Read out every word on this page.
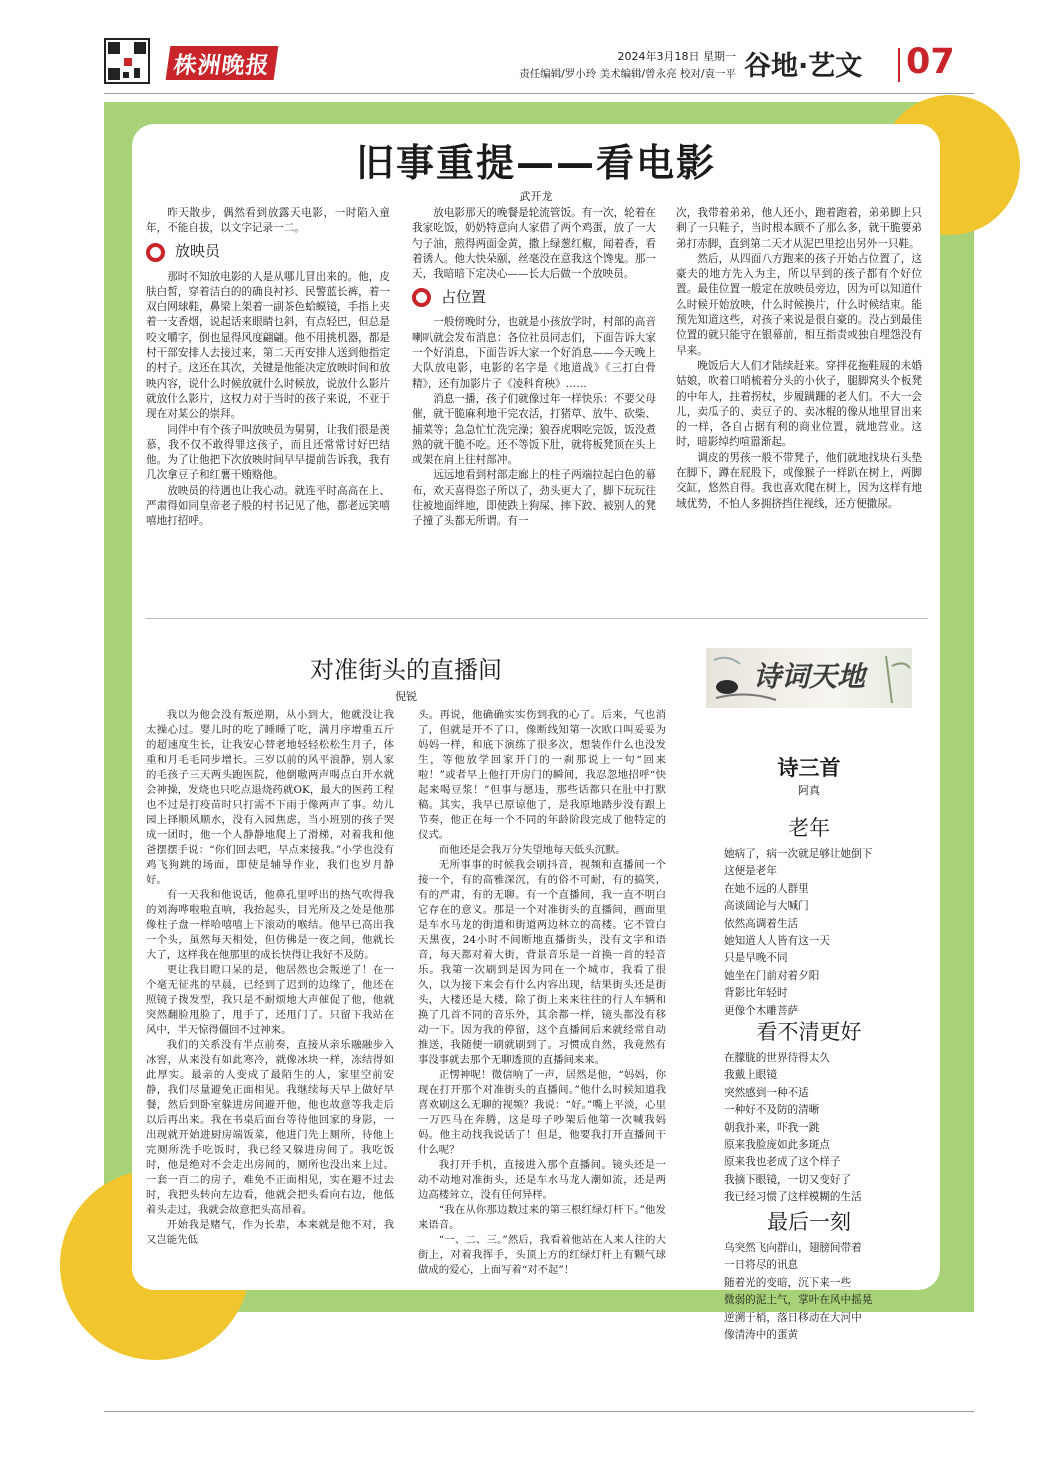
株洲晚报	2024年3月18日 星期一
责任编辑/罗小玲 美术编辑/曾永亮 校对/袁一平 谷地·艺文	07
旧事重提——看电影
武开龙

昨天散步，偶然看到放露天电影，一时陷入童年，不能自拔，以文字记录一二。

放映员

那时不知放电影的人是从哪儿冒出来的。他，皮肤白皙，穿着洁白的的确良衬衫、民警蓝长裤，着一双白网球鞋，鼻梁上架着一副茶色蛤蟆镜，手指上夹着一支香烟，说起话来眼睛乜斜，有点轻巴，但总是咬文嚼字，倒也显得风度翩翩。他不用挑机器，都是村干部安排人去接过来，第二天再安排人送到他指定的村子。这还在其次，关键是他能决定放映时间和放映内容，说什么时候放就什么时候放，说放什么影片就放什么影片，这权力对于当时的孩子来说，不亚于现在对某公的崇拜。

同伴中有个孩子叫放映员为舅舅，让我们很是羡慕，我不仅不敢得罪这孩子，而且还常常讨好巴结他。为了让他把下次放映时间早早提前告诉我，我有几次拿豆子和红薯干贿赂他。

放映员的待遇也让我心动。就连平时高高在上、严肃得如同皇帝老子般的村书记见了他，都老远笑嘻嘻地打招呼。

放电影那天的晚餐是轮流管饭。有一次，轮着在我家吃饭，奶奶特意向人家借了两个鸡蛋，放了一大勺子油，煎得两面金黄，撒上绿葱红椒，闻着香，看着诱人。他大快朵颐，丝毫没在意我这个馋鬼。那一天，我暗暗下定决心——长大后做一个放映员。

占位置

一般傍晚时分，也就是小孩放学时，村部的高音喇叭就会发布消息：各位社员同志们，下面告诉大家一个好消息，下面告诉大家一个好消息——今天晚上大队放电影，电影的名字是《地道战》《三打白骨精》，还有加影片子《凌科育秧》……

消息一播，孩子们就像过年一样快乐：不要父母催，就干脆麻利地干完农活，打猪草、放牛、砍柴、捕菜等；急急忙忙洗完澡；狼吞虎咽吃完饭，饭没煮熟的就干脆不吃。还不等饭下肚，就将板凳顶在头上或架在肩上往村部冲。

远远地看到村部走廊上的柱子两端拉起白色的幕布，欢天喜得恣子所以了，劲头更大了，脚下玩玩往往被地面绊地，即使跌上狗屎、摔下跤、被别人的凳子撞了头都无所谓。有一

次，我带着弟弟，他人还小，跑着跑着，弟弟脚上只剩了一只鞋子，当时根本顾不了那么多，就干脆要弟弟打赤脚，直到第二天才从泥巴里挖出另外一只鞋。

然后，从四面八方跑来的孩子开始占位置了，这豪夫的地方先入为主，所以早到的孩子都有个好位置。最佳位置一般定在放映员旁边，因为可以知道什么时候开始放映，什么时候换片，什么时候结束。能预先知道这些，对孩子来说是很自豪的。没占到最佳位置的就只能守在银幕前，相互指责或独自埋怨没有早来。

晚饭后大人们才陆续赶来。穿拌花拖鞋屐的未婚姑娘，吹着口哨梳着分头的小伙子，腿脚窝头个板凳的中年人，拄着拐杖，步履蹒跚的老人们。不大一会儿，卖瓜子的、卖豆子的、卖冰棍的像从地里冒出来的一样，各自占据有利的商业位置，就地营业。这时，暗影绰约喧嚣渐起。

调皮的男孩一般不带凳子，他们就地找块石头垫在脚下，蹲在屁股下，或像猴子一样趴在树上，两脚交缸，悠然自得。我也喜欢爬在树上，因为这样有地域优势，不怕人多拥挤挡住视线，还方便撒尿。

对准街头的直播间
倪锐

我以为他会没有叛逆期，从小到大，他就没让我太操心过。婴儿时的吃了睡睡了吃，满月序增重五斤的超速度生长，让我安心替老地轻轻松松生月子，体重和月毛毛同步增长。三岁以前的风平浪静，别人家的毛孩子三天两头跑医院，他倒嗷两声喝点白开水就会神操，发烧也只吃点退烧药就OK，最大的医药工程也不过是打疫苗时只打需不下雨于像两声了事。幼儿园上择顺风顺水，没有入园焦虑，当小班别的孩子哭成一团时，他一个人静静地爬上了滑梯，对着我和他爸摆摆手说：“你们回去吧，早点来接我。”小学也没有鸡飞狗跳的场面，即使是辅导作业，我们也岁月静好。

有一天我和他说话，他鼻孔里呼出的热气吹得我的刘海哗啦啦直响，我抬起头，目光所及之处是他那像柱子盘一样哈嘻嘻上下滚动的喉结。他早已高出我一个头，虽然每天相处，但仿佛是一夜之间，他就长大了，这样我在他那里的成长快得让我好不及防。

更让我目瞪口呆的是，他居然也会叛逆了！在一个毫无征兆的早晨，已经到了迟到的边缘了，他还在照镜子拨发型，我只是不耐烦地大声催促了他，他就突然翻脸甩脸了，甩手了，还甩门了。只留下我站在风中，半天惊得僵回不过神来。

我们的关系没有半点前奏，直接从亲乐融融步入冰窖，从来没有如此寒冷，就像冰块一样，冻结得如此厚实。最亲的人变成了最陌生的人，家里空前安静，我们尽量避免正面相见。我继续每天早上做好早餐，然后到卧室躲进房间避开他，他也故意等我走后以后再出来。我在书桌后面台等待他回家的身影，一出现就开始进厨房端饭菜，他进门先上厕所，待他上完厕所洗手吃饭时，我已经又躲进房间了。我吃饭时，他是绝对不会走出房间的，厕所也没出来上过。一套一百二的房子，难免不正面相见，实在避不过去时，我把头转向左边看，他就会把头看向右边，他低着头走过，我就会故意把头高昂着。

开始我是赌气，作为长辈，本来就是他不对，我又岂能先低

头。再说，他确确实实伤到我的心了。后来，气也消了，但就是开不了口，像断线知第一次欧口叫妥妥为妈妈一样，和底下演练了很多次，想装作什么也没发生，等他放学回家开门的一刹那说上一句“回来啦！”或者早上他打开房门的瞬间，我忍忽地招呼“快起来喝豆浆！”但事与愿违，那些话都只在肚中打默稿。其实，我早已原谅他了，是我原地踏步没有跟上节奏，他正在每一个不同的年龄阶段完成了他特定的仪式。

而他还是会我万分失望地每天低头沉默。

无所事事的时候我会刷抖音，视频和直播间一个接一个，有的高雅深沉，有的俗不可耐，有的搞笑，有的严肃，有的无聊。有一个直播间，我一直不明白它存在的意义。那是一个对准街头的直播间，画面里是车水马龙的街道和街道两边林立的高楼。它不管白天黑夜，24小时不间断地直播街头，没有文字和语音，每天都对着大街，背景音乐是一首换一首的轻音乐。我第一次刷到是因为同在一个城市，我看了很久，以为接下来会有什么内容出现，结果街头还是街头，大楼还是大楼，除了街上来来往往的行人车辆和换了几首不同的音乐外，其余都一样，镜头都没有移动一下。因为我的停留，这个直播间后来就经常自动推送，我随便一刷就刷到了。习惯成自然，我竟然有事没事就去那个无聊透顶的直播间来来。

正愣神呢！微信响了一声，居然是他，“妈妈，你现在打开那个对准街头的直播间。”他什么时候知道我喜欢刷这么无聊的视频？我说：“好。”嘴上平淡，心里一万匹马在奔腾，这是母子吵架后他第一次喊我妈妈。他主动找我说话了！但是，他要我打开直播间干什么呢？

我打开手机，直接进入那个直播间。镜头还是一动不动地对准街头，还是车水马龙人潮如流，还是两边高楼耸立，没有任何异样。

“我在从你那边数过来的第三根红绿灯杆下。”他发来语音。

“一、二、三。”然后，我看着他站在人来人往的大街上，对着我挥手，头顶上方的红绿灯杆上有颗气球做成的爱心，上面写着“对不起”！

诗词天地
诗三首
阿真
老年
她病了，病一次就足够让她倒下
这便是老年
在她不远的人群里
高谈阔论与大喊门
依然高调着生活
她知道人人皆有这一天
只是早晚不同
她坐在门前对着夕阳
背影比年轻时
更像个木雕菩萨
看不清更好
在朦胧的世界待得太久
我戴上眼镜
突然感到一种不适
一种好不及防的清晰
朝我扑来，吓我一跳
原来我脸庞如此多斑点
原来我也老成了这个样子
我摘下眼镜，一切又变好了
我已经习惯了这样模糊的生活
最后一刻
乌突然飞向群山，翅膀间带着
一日将尽的讯息
随着光的变暗，沉下来一些
微弱的泥土气，掌叶在风中摇晃
逆溯于梢，落日移动在大河中
像清涛中的蛋黄
